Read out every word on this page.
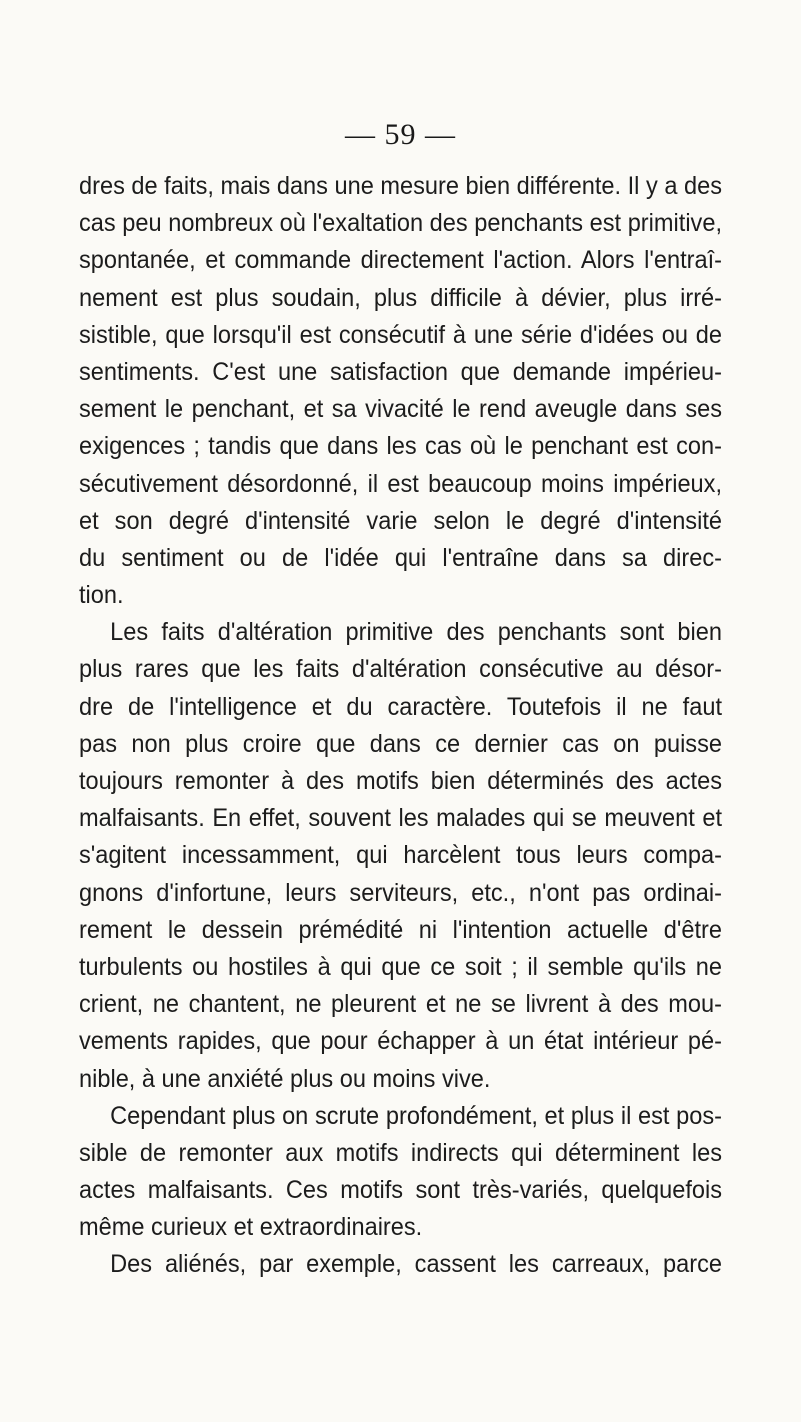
— 59 —
dres de faits, mais dans une mesure bien différente. Il y a des
cas peu nombreux où l'exaltation des penchants est primitive,
spontanée, et commande directement l'action. Alors l'entraî-
nement est plus soudain, plus difficile à dévier, plus irré-
sistible, que lorsqu'il est consécutif à une série d'idées ou de
sentiments. C'est une satisfaction que demande impérieu-
sement le penchant, et sa vivacité le rend aveugle dans ses
exigences ; tandis que dans les cas où le penchant est con-
sécutivement désordonné, il est beaucoup moins impérieux,
et son degré d'intensité varie selon le degré d'intensité
du sentiment ou de l'idée qui l'entraîne dans sa direc-
tion.
Les faits d'altération primitive des penchants sont bien
plus rares que les faits d'altération consécutive au désor-
dre de l'intelligence et du caractère. Toutefois il ne faut
pas non plus croire que dans ce dernier cas on puisse
toujours remonter à des motifs bien déterminés des actes
malfaisants. En effet, souvent les malades qui se meuvent et
s'agitent incessamment, qui harcèlent tous leurs compa-
gnons d'infortune, leurs serviteurs, etc., n'ont pas ordinai-
rement le dessein prémédité ni l'intention actuelle d'être
turbulents ou hostiles à qui que ce soit ; il semble qu'ils ne
crient, ne chantent, ne pleurent et ne se livrent à des mou-
vements rapides, que pour échapper à un état intérieur pé-
nible, à une anxiété plus ou moins vive.
Cependant plus on scrute profondément, et plus il est pos-
sible de remonter aux motifs indirects qui déterminent les
actes malfaisants. Ces motifs sont très-variés, quelquefois
même curieux et extraordinaires.
Des aliénés, par exemple, cassent les carreaux, parce
